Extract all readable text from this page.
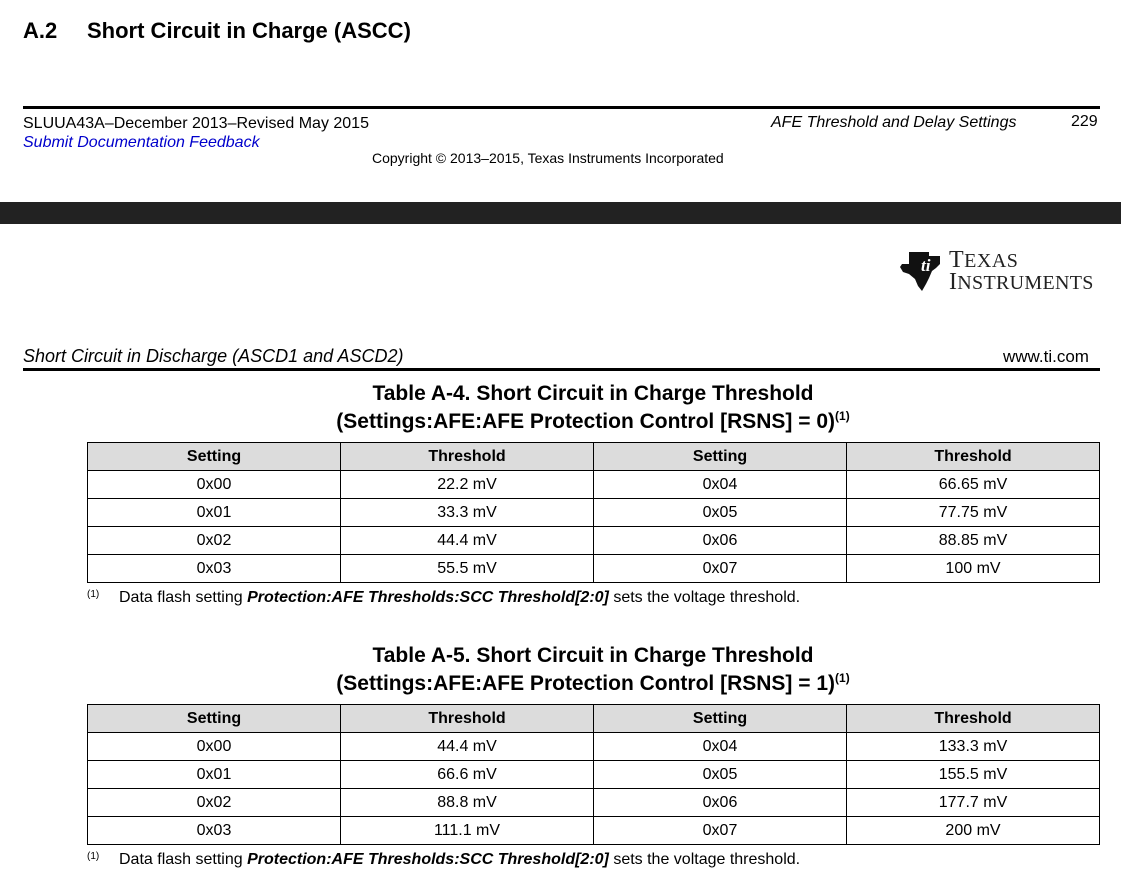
A.2 Short Circuit in Charge (ASCC)
SLUUA43A–December 2013–Revised May 2015
Submit Documentation Feedback
AFE Threshold and Delay Settings	229
Copyright © 2013–2015, Texas Instruments Incorporated
ti TEXAS
INSTRUMENTS
Short Circuit in Discharge (ASCD1 and ASCD2)	www.ti.com
Table A-4. Short Circuit in Charge Threshold
(Settings:AFE:AFE Protection Control [RSNS] = 0)$^{(1)}$
Setting	Threshold	Setting	Threshold
0x00	22.2 mV	0x04	66.65 mV
0x01	33.3 mV	0x05	77.75 mV
0x02	44.4 mV	0x06	88.85 mV
0x03	55.5 mV	0x07	100 mV
(1) Data flash setting Protection:AFE Thresholds:SCC Threshold[2:0] sets the voltage threshold.
Table A-5. Short Circuit in Charge Threshold
(Settings:AFE:AFE Protection Control [RSNS] = 1)$^{(1)}$
Setting	Threshold	Setting	Threshold
0x00	44.4 mV	0x04	133.3 mV
0x01	66.6 mV	0x05	155.5 mV
0x02	88.8 mV	0x06	177.7 mV
0x03	111.1 mV	0x07	200 mV
(1) Data flash setting Protection:AFE Thresholds:SCC Threshold[2:0] sets the voltage threshold.
